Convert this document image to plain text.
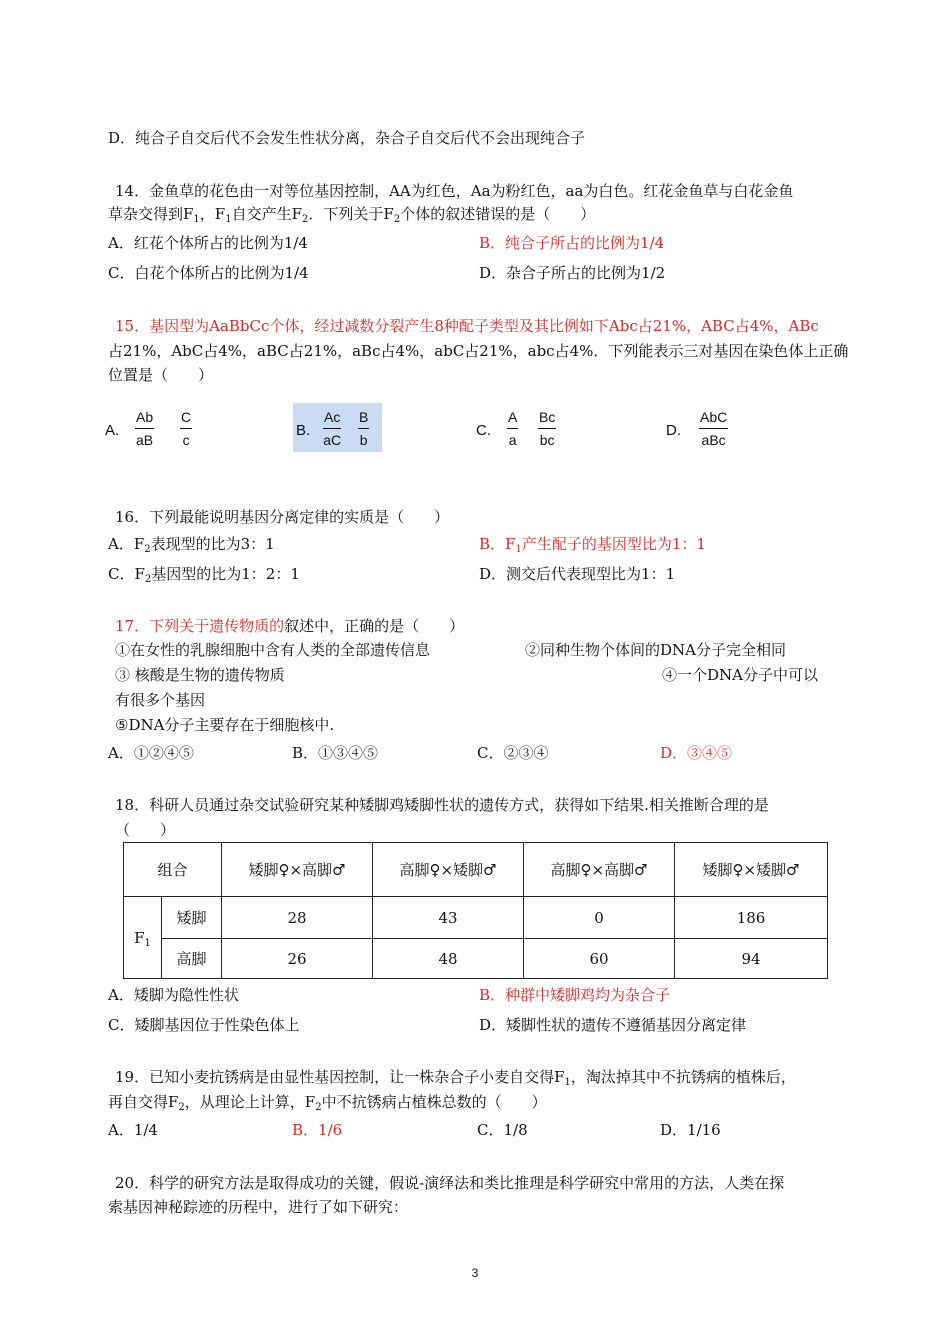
D．纯合子自交后代不会发生性状分离，杂合子自交后代不会出现纯合子
14．金鱼草的花色由一对等位基因控制，AA为红色，Aa为粉红色，aa为白色。红花金鱼草与白花金鱼
草杂交得到$F_1$，$F_1$自交产生$F_2$．下列关于$F_2$个体的叙述错误的是（　　）
A．红花个体所占的比例为1/4	B．纯合子所占的比例为1/4
C．白花个体所占的比例为1/4	D．杂合子所占的比例为1/2
15．基因型为AaBbCc个体，经过减数分裂产生8种配子类型及其比例如下Abc占21%，ABC占4%，ABc
占21%，AbC占4%，aBC占21%，aBc占4%，abC占21%，abc占4%．下列能表示三对基因在染色体上正确
位置是（　　）
A. $\frac{Ab}{aB} \frac{C}{c}$	B. $\frac{Ac}{aC} \frac{B}{b}$	C. $\frac{A}{a} \frac{Bc}{bc}$	D.
AbC
aBc
16．下列最能说明基因分离定律的实质是（　　）
A．$F_2$表现型的比为3：1	B．$F_1$产生配子的基因型比为1：1
C．$F_2$基因型的比为1：2：1	D．测交后代表现型比为1：1
17．下列关于遗传物质的叙述中，正确的是（　　）
①在女性的乳腺细胞中含有人类的全部遗传信息	②同种生物个体间的DNA分子完全相同
③ 核酸是生物的遗传物质	④一个DNA分子中可以
有很多个基因
⑤DNA分子主要存在于细胞核中.
A．①②④⑤	B．①③④⑤	C．②③④	D．③④⑤
18．科研人员通过杂交试验研究某种矮脚鸡矮脚性状的遗传方式，获得如下结果.相关推断合理的是
（　　）
组合		矮脚♀×高脚♂	高脚♀×矮脚♂	高脚♀×高脚♂	矮脚♀×矮脚♂
$F_1$	矮脚	28	43	0	186
	高脚	26	48	60	94
A．矮脚为隐性性状	B．种群中矮脚鸡均为杂合子
C．矮脚基因位于性染色体上	D．矮脚性状的遗传不遵循基因分离定律
19．已知小麦抗锈病是由显性基因控制，让一株杂合子小麦自交得$F_1$，淘汰掉其中不抗锈病的植株后，
再自交得$F_2$，从理论上计算，$F_2$中不抗锈病占植株总数的（　　）
A．1/4	B．1/6	C．1/8	D．1/16
20．科学的研究方法是取得成功的关键，假说-演绎法和类比推理是科学研究中常用的方法，人类在探
索基因神秘踪迹的历程中，进行了如下研究：
3
